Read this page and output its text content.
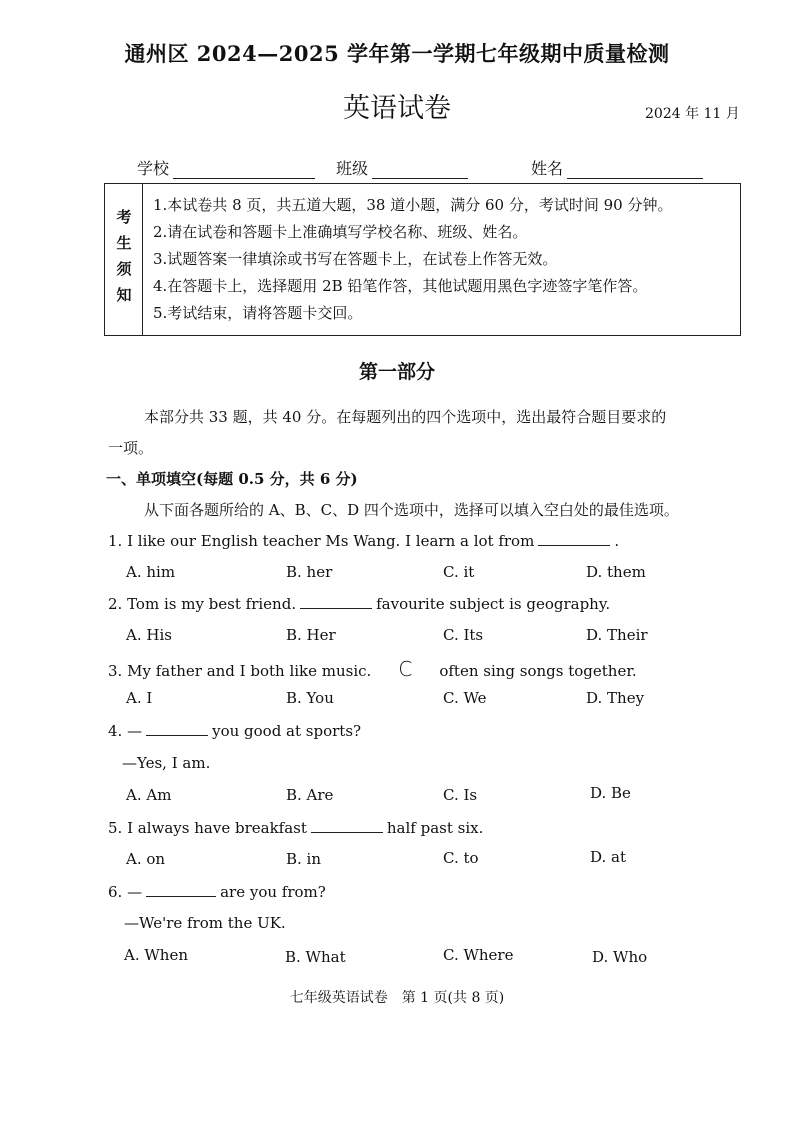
通州区 2024—2025 学年第一学期七年级期中质量检测
英语试卷	2024 年 11 月
学校	班级	姓名
考
生
须
知
1.本试卷共 8 页，共五道大题，38 道小题，满分 60 分，考试时间 90 分钟。
2.请在试卷和答题卡上准确填写学校名称、班级、姓名。
3.试题答案一律填涂或书写在答题卡上，在试卷上作答无效。
4.在答题卡上，选择题用 2B 铅笔作答，其他试题用黑色字迹签字笔作答。
5.考试结束，请将答题卡交回。
第一部分
本部分共 33 题，共 40 分。在每题列出的四个选项中，选出最符合题目要求的
一项。
一、单项填空(每题 0.5 分，共 6 分)
从下面各题所给的 A、B、C、D 四个选项中，选择可以填入空白处的最佳选项。
1. I like our English teacher Ms Wang. I learn a lot from	.
A. him	B. her	C. it	D. them
2. Tom is my best friend.	favourite subject is geography.
A. His	B. Her	C. Its	D. Their
3. My father and I both like music. C often sing songs together.
A. I	B. You	C. We	D. They
4. —	you good at sports?
—Yes, I am.
A. Am	B. Are	C. Is	D. Be
5. I always have breakfast	half past six.
A. on	B. in	C. to	D. at
6. —	are you from?
—We're from the UK.
A. When	B. What	C. Where	D. Who
七年级英语试卷　第 1 页(共 8 页)
